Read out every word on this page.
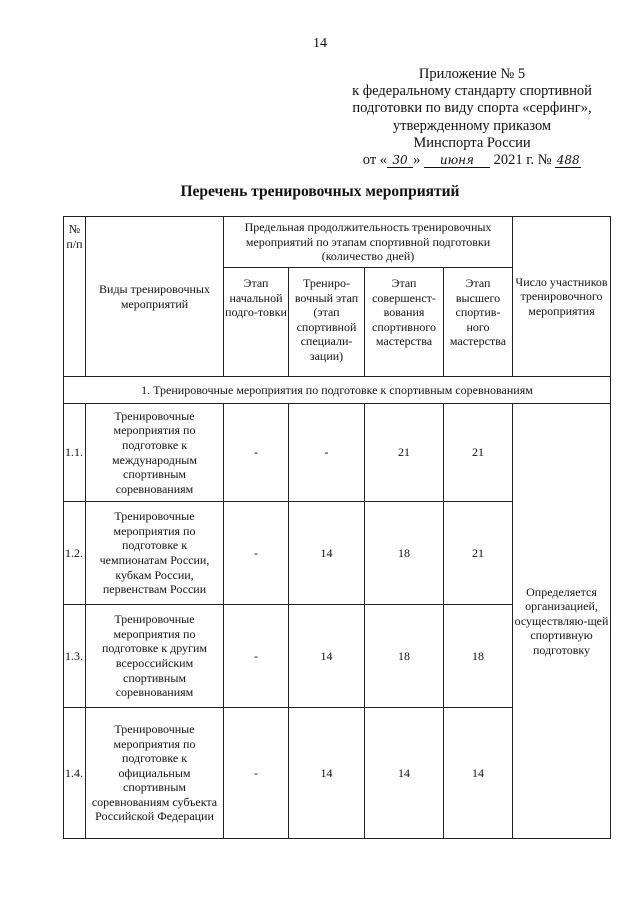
14
Приложение № 5
к федеральному стандарту спортивной
подготовки по виду спорта «серфинг»,
утвержденному приказом
Минспорта России
от « 30 » июня 2021 г. № 488
Перечень тренировочных мероприятий
№ п/п	Виды тренировочных мероприятий	Предельная продолжительность тренировочных мероприятий по этапам спортивной подготовки (количество дней)				Число участников тренировочного мероприятия
		Этап начальной подго-товки	Трениро-вочный этап (этап спортивной специали-зации)	Этап совершенст-вования спортивного мастерства	Этап высшего спортив-ного мастерства	
1. Тренировочные мероприятия по подготовке к спортивным соревнованиям						
1.1.	Тренировочные мероприятия по подготовке к международным спортивным соревнованиям	-	-	21	21	Определяется организацией, осуществляю-щей спортивную подготовку
1.2.	Тренировочные мероприятия по подготовке к чемпионатам России, кубкам России, первенствам России	-	14	18	21	
1.3.	Тренировочные мероприятия по подготовке к другим всероссийским спортивным соревнованиям	-	14	18	18	
1.4.	Тренировочные мероприятия по подготовке к официальным спортивным соревнованиям субъекта Российской Федерации	-	14	14	14	
